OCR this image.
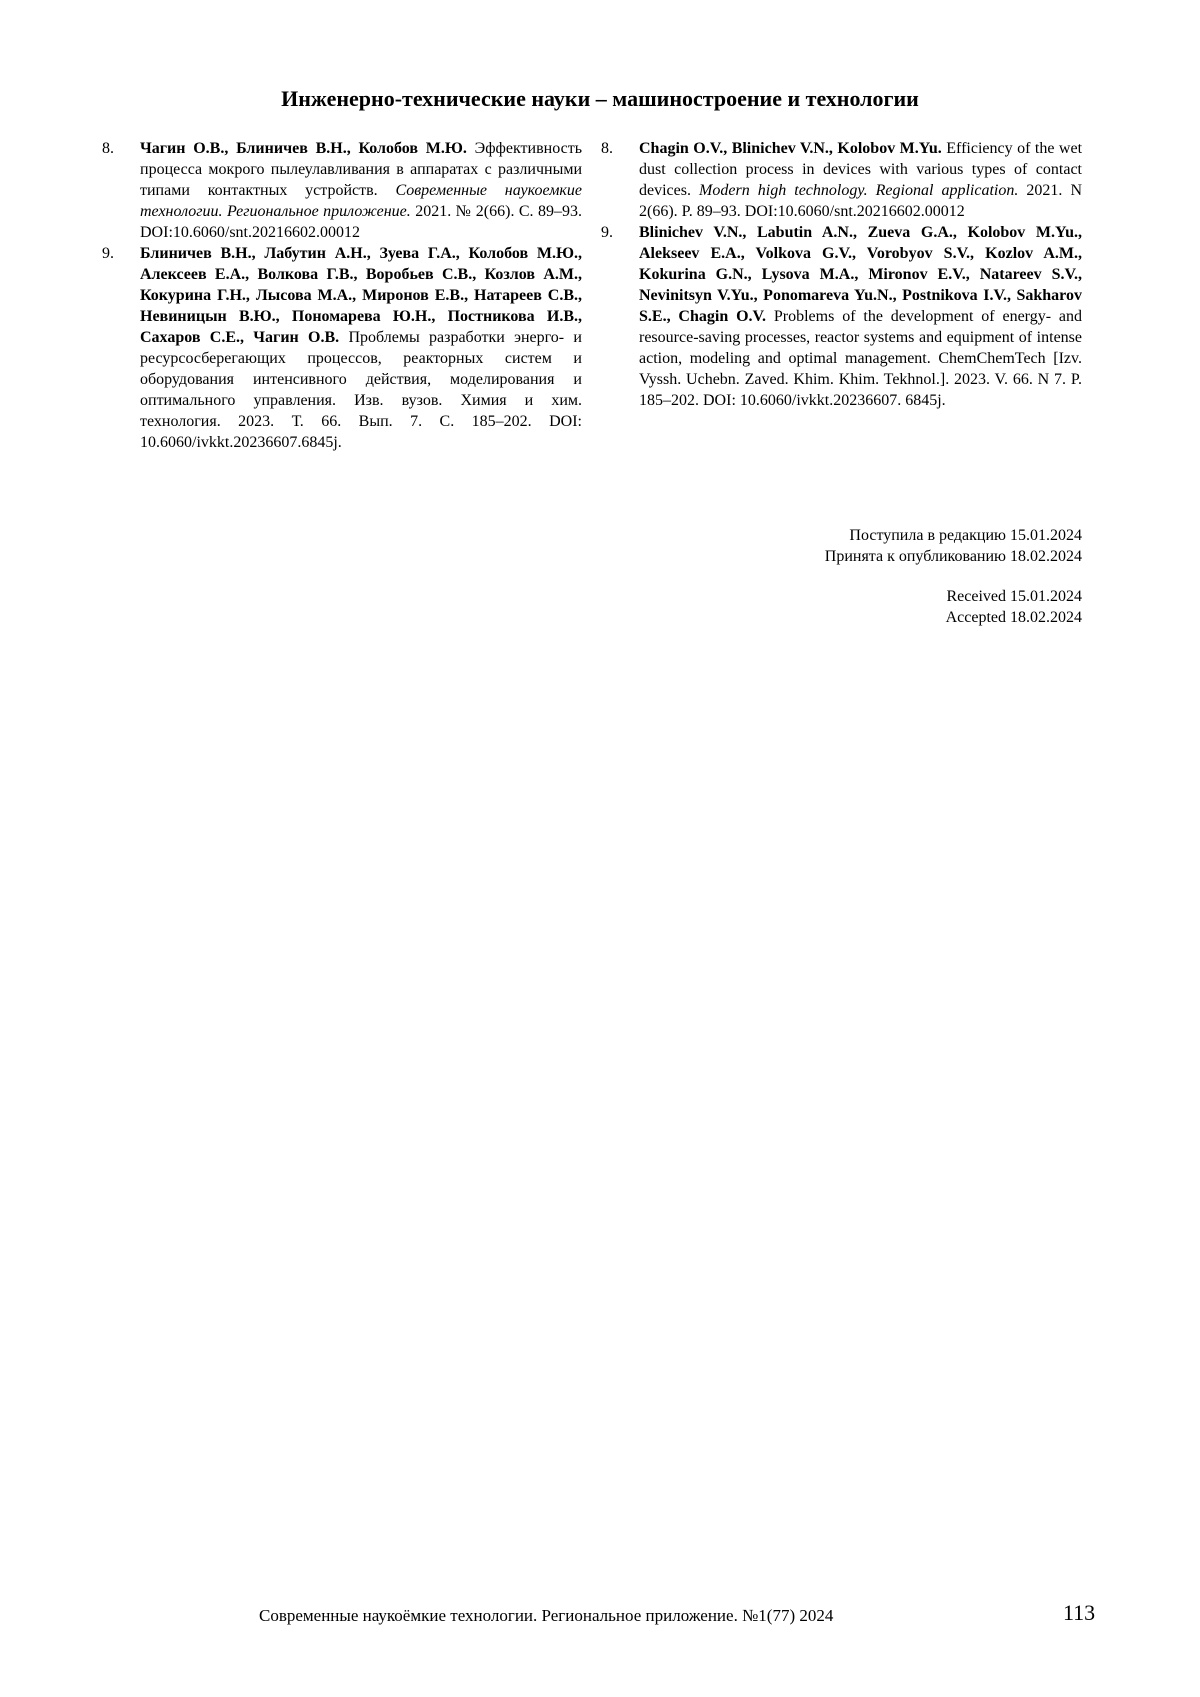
Инженерно-технические науки – машиностроение и технологии
8.	Чагин О.В., Блиничев В.Н., Колобов М.Ю. Эффективность процесса мокрого пылеулавливания в аппаратах с различными типами контактных устройств. Современные наукоемкие технологии. Региональное приложение. 2021. № 2(66). С. 89–93. DOI:10.6060/snt.20216602.00012
9.	Блиничев В.Н., Лабутин А.Н., Зуева Г.А., Колобов М.Ю., Алексеев Е.А., Волкова Г.В., Воробьев С.В., Козлов А.М., Кокурина Г.Н., Лысова М.А., Миронов Е.В., Натареев С.В., Невиницын В.Ю., Пономарева Ю.Н., Постникова И.В., Сахаров С.Е., Чагин О.В. Проблемы разработки энерго- и ресурсосберегающих процессов, реакторных систем и оборудования интенсивного действия, моделирования и оптимального управления. Изв. вузов. Химия и хим. технология. 2023. Т. 66. Вып. 7. С. 185–202. DOI: 10.6060/ivkkt.20236607.6845j.
8.	Chagin O.V., Blinichev V.N., Kolobov M.Yu. Efficiency of the wet dust collection process in devices with various types of contact devices. Modern high technology. Regional application. 2021. N 2(66). P. 89–93. DOI:10.6060/snt.20216602.00012
9.	Blinichev V.N., Labutin A.N., Zueva G.A., Kolobov M.Yu., Alekseev E.A., Volkova G.V., Vorobyov S.V., Kozlov A.M., Kokurina G.N., Lysova M.A., Mironov E.V., Natareev S.V., Nevinitsyn V.Yu., Ponomareva Yu.N., Postnikova I.V., Sakharov S.E., Chagin O.V. Problems of the development of energy- and resource-saving processes, reactor systems and equipment of intense action, modeling and optimal management. ChemChemTech [Izv. Vyssh. Uchebn. Zaved. Khim. Khim. Tekhnol.]. 2023. V. 66. N 7. P. 185–202. DOI: 10.6060/ivkkt.20236607. 6845j.
Поступила в редакцию 15.01.2024
Принята к опубликованию 18.02.2024
Received 15.01.2024
Accepted 18.02.2024
Современные наукоёмкие технологии. Региональное приложение. №1(77) 2024	113
